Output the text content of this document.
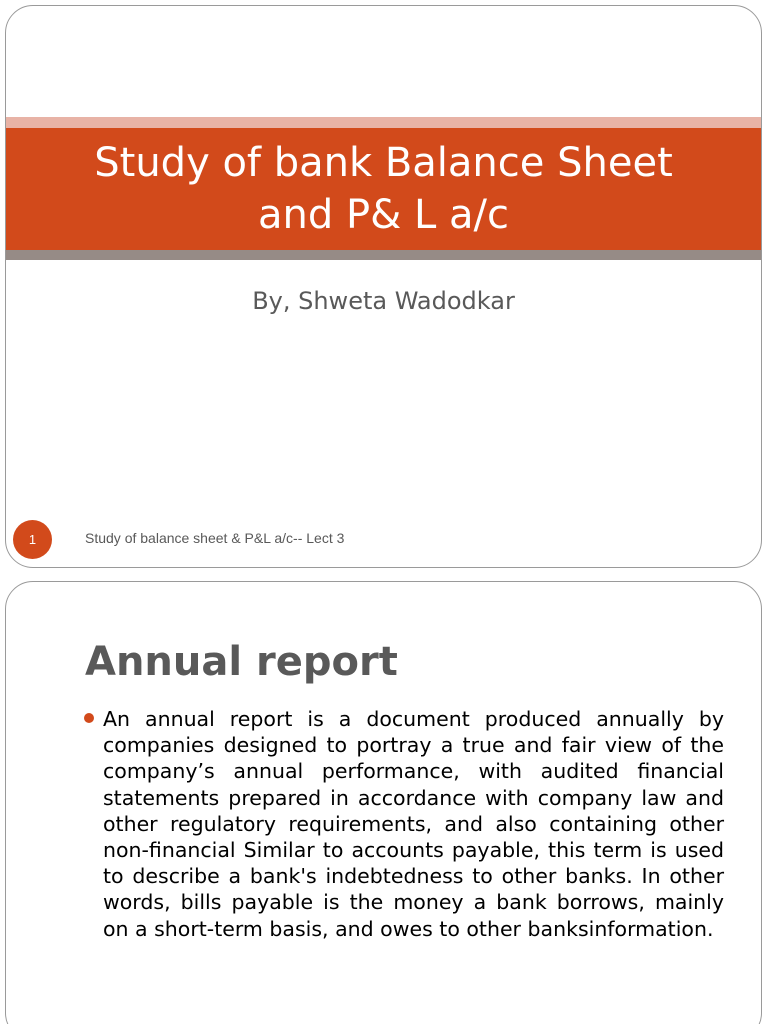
Study of bank Balance Sheet
and P& L a/c

By, Shweta Wadodkar

1	Study of balance sheet & P&L a/c-- Lect 3
Annual report

An annual report is a document produced annually by companies designed to portray a true and fair view of the company’s annual performance, with audited financial statements prepared in accordance with company law and other regulatory requirements, and also containing other non-financial Similar to accounts payable, this term is used to describe a bank's indebtedness to other banks. In other words, bills payable is the money a bank borrows, mainly on a short-term basis, and owes to other banksinformation.
